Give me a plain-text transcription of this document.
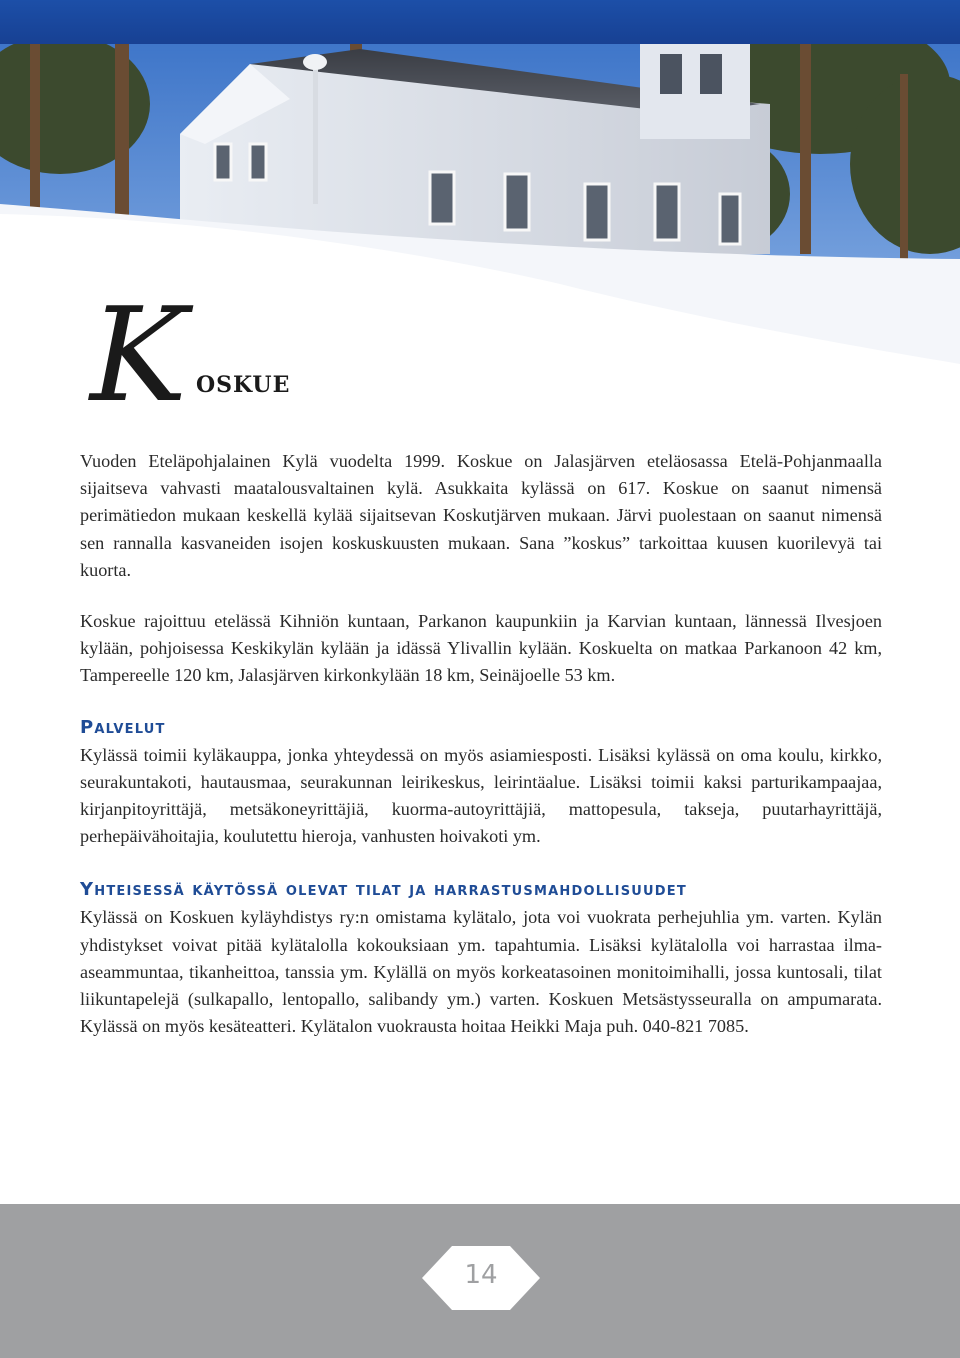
K OSKUE

Vuoden Eteläpohjalainen Kylä vuodelta 1999. Koskue on Jalasjärven eteläosassa Etelä-Pohjanmaalla sijaitseva vahvasti maatalousvaltainen kylä. Asukkaita kylässä on 617. Koskue on saanut nimensä perimätiedon mukaan keskellä kylää sijaitsevan Koskutjärven mukaan. Järvi puolestaan on saanut nimensä sen rannalla kasvaneiden isojen koskuskuusten mukaan. Sana ”koskus” tarkoittaa kuusen kuorilevyä tai kuorta.

Koskue rajoittuu etelässä Kihniön kuntaan, Parkanon kaupunkiin ja Karvian kuntaan, lännessä Ilvesjoen kylään, pohjoisessa Keskikylän kylään ja idässä Ylivallin kylään. Koskuelta on matkaa Parkanoon 42 km, Tampereelle 120 km, Jalasjärven kirkonkylään 18 km, Seinäjoelle 53 km.

Palvelut

Kylässä toimii kyläkauppa, jonka yhteydessä on myös asiamiesposti. Lisäksi kylässä on oma koulu, kirkko, seurakuntakoti, hautausmaa, seurakunnan leirikeskus, leirintäalue. Lisäksi toimii kaksi parturikampaajaa, kirjanpitoyrittäjä, metsäkoneyrittäjiä, kuorma-autoyrittäjiä, mattopesula, takseja, puutarhayrittäjä, perhepäivähoitajia, koulutettu hieroja, vanhusten hoivakoti ym.

Yhteisessä käytössä olevat tilat ja harrastusmahdollisuudet

Kylässä on Koskuen kyläyhdistys ry:n omistama kylätalo, jota voi vuokrata perhejuhlia ym. varten. Kylän yhdistykset voivat pitää kylätalolla kokouksiaan ym. tapahtumia. Lisäksi kylätalolla voi harrastaa ilma-aseammuntaa, tikanheittoa, tanssia ym. Kylällä on myös korkeatasoinen monitoimihalli, jossa kuntosali, tilat liikuntapelejä (sulkapallo, lentopallo, salibandy ym.) varten. Koskuen Metsästysseuralla on ampumarata. Kylässä on myös kesäteatteri. Kylätalon vuokrausta hoitaa Heikki Maja puh. 040-821 7085.

14
